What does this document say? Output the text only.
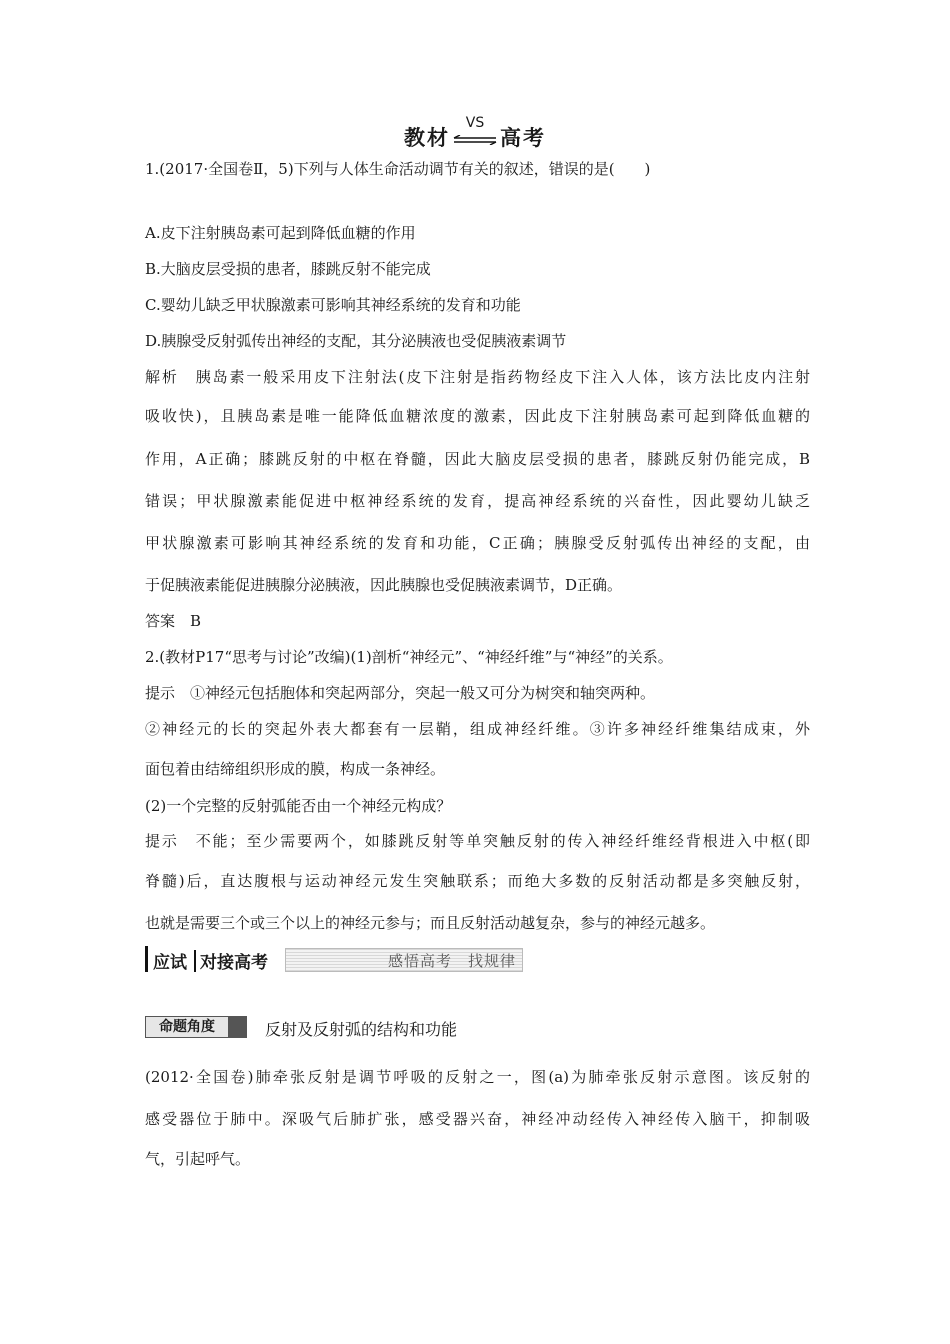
教材
VS
高考
1.(2017·全国卷Ⅱ，5)下列与人体生命活动调节有关的叙述，错误的是(　　)
A.皮下注射胰岛素可起到降低血糖的作用
B.大脑皮层受损的患者，膝跳反射不能完成
C.婴幼儿缺乏甲状腺激素可影响其神经系统的发育和功能
D.胰腺受反射弧传出神经的支配，其分泌胰液也受促胰液素调节
解析　胰岛素一般采用皮下注射法(皮下注射是指药物经皮下注入人体，该方法比皮内注射
吸收快)，且胰岛素是唯一能降低血糖浓度的激素，因此皮下注射胰岛素可起到降低血糖的
作用，A正确；膝跳反射的中枢在脊髓，因此大脑皮层受损的患者，膝跳反射仍能完成，B
错误；甲状腺激素能促进中枢神经系统的发育，提高神经系统的兴奋性，因此婴幼儿缺乏
甲状腺激素可影响其神经系统的发育和功能，C正确；胰腺受反射弧传出神经的支配，由
于促胰液素能促进胰腺分泌胰液，因此胰腺也受促胰液素调节，D正确。
答案　B
2.(教材P17“思考与讨论”改编)(1)剖析“神经元”、“神经纤维”与“神经”的关系。
提示　①神经元包括胞体和突起两部分，突起一般又可分为树突和轴突两种。
②神经元的长的突起外表大都套有一层鞘，组成神经纤维。③许多神经纤维集结成束，外
面包着由结缔组织形成的膜，构成一条神经。
(2)一个完整的反射弧能否由一个神经元构成？
提示　不能；至少需要两个，如膝跳反射等单突触反射的传入神经纤维经背根进入中枢(即
脊髓)后，直达腹根与运动神经元发生突触联系；而绝大多数的反射活动都是多突触反射，
也就是需要三个或三个以上的神经元参与；而且反射活动越复杂，参与的神经元越多。
应试 对接高考	感悟高考　找规律
命题角度	反射及反射弧的结构和功能
(2012·全国卷)肺牵张反射是调节呼吸的反射之一，图(a)为肺牵张反射示意图。该反射的
感受器位于肺中。深吸气后肺扩张，感受器兴奋，神经冲动经传入神经传入脑干，抑制吸
气，引起呼气。
